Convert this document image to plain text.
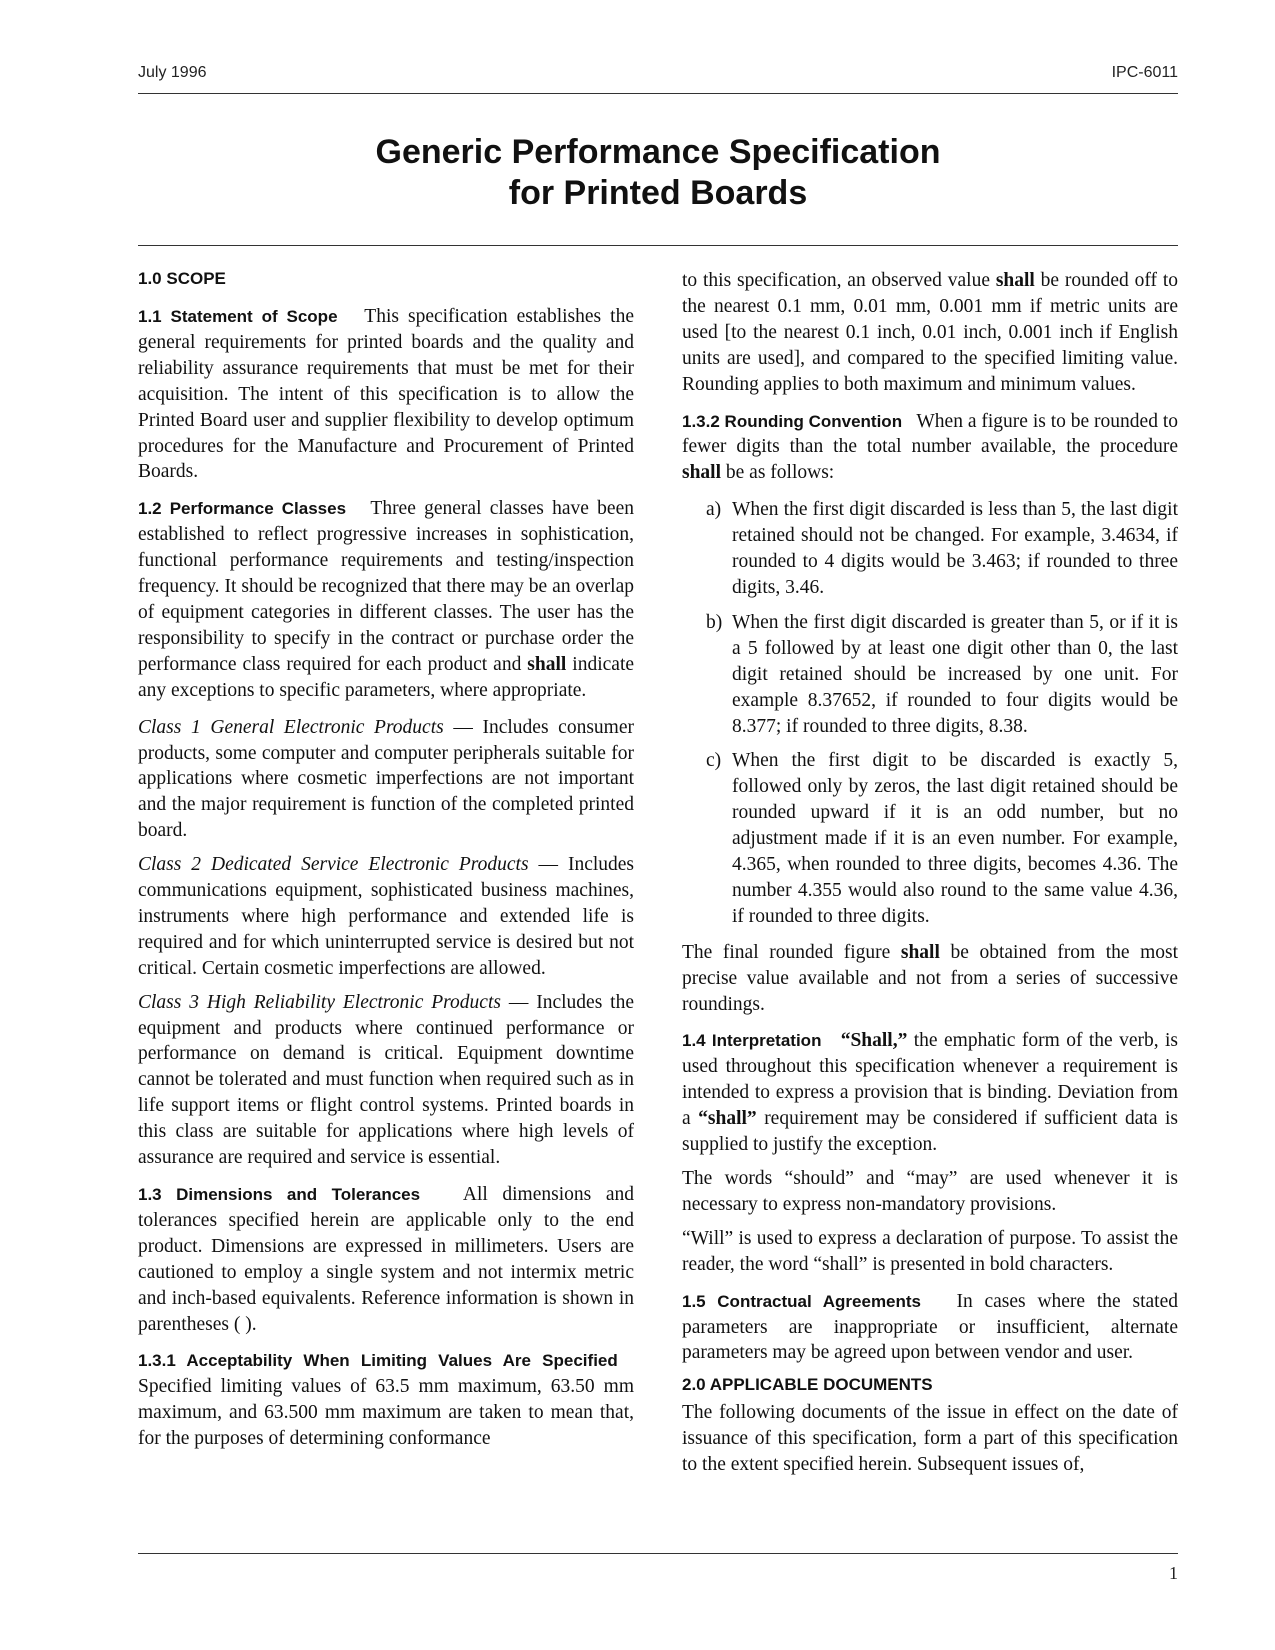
July 1996	IPC-6011
Generic Performance Specification
for Printed Boards
1.0 SCOPE

1.1 Statement of Scope This specification establishes the general requirements for printed boards and the quality and reliability assurance requirements that must be met for their acquisition. The intent of this specification is to allow the Printed Board user and supplier flexibility to develop optimum procedures for the Manufacture and Procurement of Printed Boards.

1.2 Performance Classes Three general classes have been established to reflect progressive increases in sophistication, functional performance requirements and testing/inspection frequency. It should be recognized that there may be an overlap of equipment categories in different classes. The user has the responsibility to specify in the contract or purchase order the performance class required for each product and shall indicate any exceptions to specific parameters, where appropriate.

Class 1 General Electronic Products — Includes consumer products, some computer and computer peripherals suitable for applications where cosmetic imperfections are not important and the major requirement is function of the completed printed board.

Class 2 Dedicated Service Electronic Products — Includes communications equipment, sophisticated business machines, instruments where high performance and extended life is required and for which uninterrupted service is desired but not critical. Certain cosmetic imperfections are allowed.

Class 3 High Reliability Electronic Products — Includes the equipment and products where continued performance or performance on demand is critical. Equipment downtime cannot be tolerated and must function when required such as in life support items or flight control systems. Printed boards in this class are suitable for applications where high levels of assurance are required and service is essential.

1.3 Dimensions and Tolerances All dimensions and tolerances specified herein are applicable only to the end product. Dimensions are expressed in millimeters. Users are cautioned to employ a single system and not intermix metric and inch-based equivalents. Reference information is shown in parentheses ( ).

1.3.1 Acceptability When Limiting Values Are Specified   Specified limiting values of 63.5 mm maximum, 63.50 mm maximum, and 63.500 mm maximum are taken to mean that, for the purposes of determining conformance

to this specification, an observed value shall be rounded off to the nearest 0.1 mm, 0.01 mm, 0.001 mm if metric units are used [to the nearest 0.1 inch, 0.01 inch, 0.001 inch if English units are used], and compared to the specified limiting value. Rounding applies to both maximum and minimum values.

1.3.2 Rounding Convention When a figure is to be rounded to fewer digits than the total number available, the procedure shall be as follows:

a) When the first digit discarded is less than 5, the last digit retained should not be changed. For example, 3.4634, if rounded to 4 digits would be 3.463; if rounded to three digits, 3.46.
b) When the first digit discarded is greater than 5, or if it is a 5 followed by at least one digit other than 0, the last digit retained should be increased by one unit. For example 8.37652, if rounded to four digits would be 8.377; if rounded to three digits, 8.38.
c) When the first digit to be discarded is exactly 5, followed only by zeros, the last digit retained should be rounded upward if it is an odd number, but no adjustment made if it is an even number. For example, 4.365, when rounded to three digits, becomes 4.36. The number 4.355 would also round to the same value 4.36, if rounded to three digits.

The final rounded figure shall be obtained from the most precise value available and not from a series of successive roundings.

1.4 Interpretation “Shall,” the emphatic form of the verb, is used throughout this specification whenever a requirement is intended to express a provision that is binding. Deviation from a “shall” requirement may be considered if sufficient data is supplied to justify the exception.

The words “should” and “may” are used whenever it is necessary to express non-mandatory provisions.

“Will” is used to express a declaration of purpose. To assist the reader, the word “shall” is presented in bold characters.

1.5 Contractual Agreements In cases where the stated parameters are inappropriate or insufficient, alternate parameters may be agreed upon between vendor and user.

2.0 APPLICABLE DOCUMENTS

The following documents of the issue in effect on the date of issuance of this specification, form a part of this specification to the extent specified herein. Subsequent issues of,

1
